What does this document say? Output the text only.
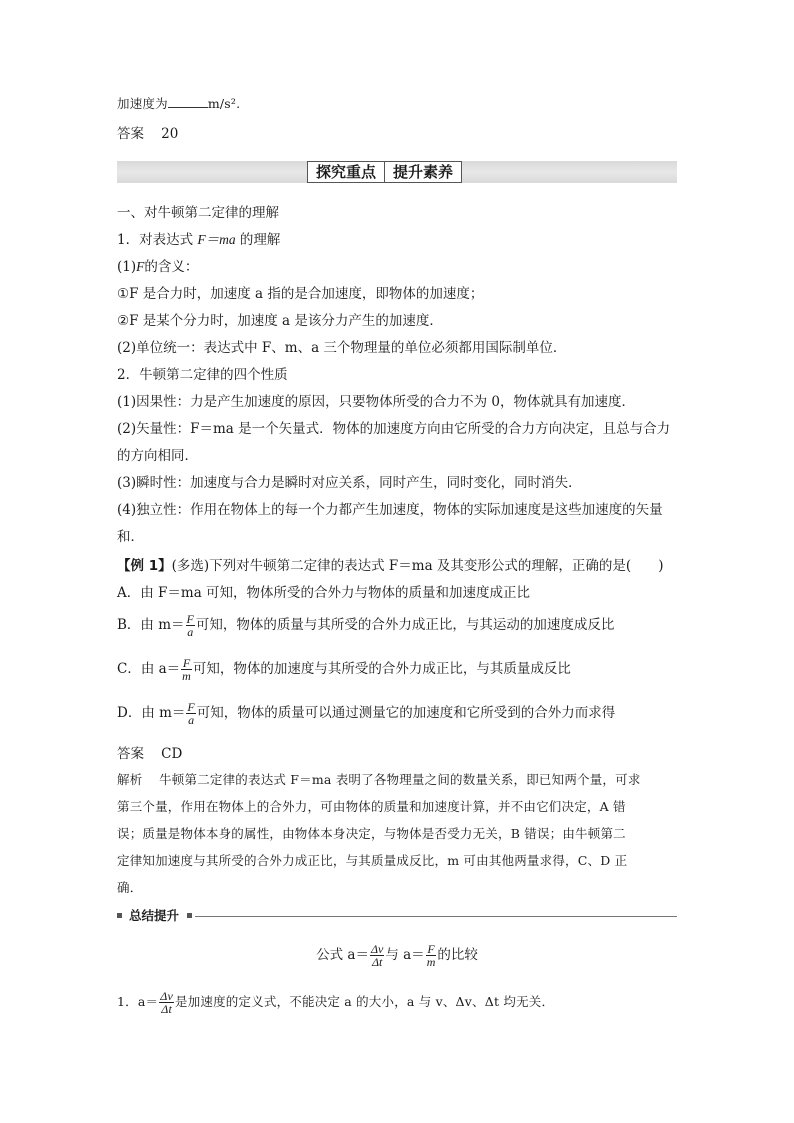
加速度为	m/s².
答案 20
探究重点 提升素养
一、对牛顿第二定律的理解
1．对表达式 F＝ma 的理解
(1)F的含义：
①F 是合力时，加速度 a 指的是合加速度，即物体的加速度；
②F 是某个分力时，加速度 a 是该分力产生的加速度．
(2)单位统一：表达式中 F、m、a 三个物理量的单位必须都用国际制单位．
2．牛顿第二定律的四个性质
(1)因果性：力是产生加速度的原因，只要物体所受的合力不为 0，物体就具有加速度．
(2)矢量性：F＝ma 是一个矢量式．物体的加速度方向由它所受的合力方向决定，且总与合力
的方向相同．
(3)瞬时性：加速度与合力是瞬时对应关系，同时产生，同时变化，同时消失．
(4)独立性：作用在物体上的每一个力都产生加速度，物体的实际加速度是这些加速度的矢量
和．
【例 1】(多选)下列对牛顿第二定律的表达式 F＝ma 及其变形公式的理解，正确的是(　　)
A．由 F＝ma 可知，物体所受的合外力与物体的质量和加速度成正比
B．由 $m= \frac{F}{a}$ 可知，物体的质量与其所受的合外力成正比，与其运动的加速度成反比
C．由 $a= \frac{F}{m}$ 可知，物体的加速度与其所受的合外力成正比，与其质量成反比
D．由 $m= \frac{F}{a}$ 可知，物体的质量可以通过测量它的加速度和它所受到的合外力而求得
答案 CD
解析 牛顿第二定律的表达式 F＝ma 表明了各物理量之间的数量关系，即已知两个量，可求
第三个量，作用在物体上的合外力，可由物体的质量和加速度计算，并不由它们决定，A 错
误；质量是物体本身的属性，由物体本身决定，与物体是否受力无关，B 错误；由牛顿第二
定律知加速度与其所受的合外力成正比，与其质量成反比，m 可由其他两量求得，C、D 正
确．
总结提升
公式 $a= \frac{\Delta v}{\Delta t}$ 与 $a= \frac{F}{m}$ 的比较
1．$a= \frac{\Delta v}{\Delta t}$ 是加速度的定义式，不能决定 a 的大小，a 与 v、Δv、Δt 均无关．
